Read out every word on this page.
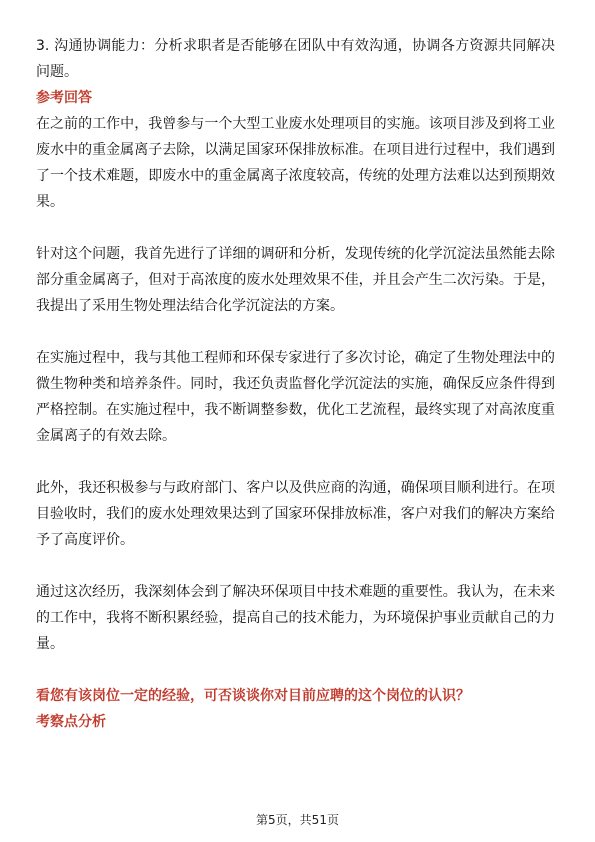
3. 沟通协调能力：分析求职者是否能够在团队中有效沟通，协调各方资源共同解决问题。

参考回答

在之前的工作中，我曾参与一个大型工业废水处理项目的实施。该项目涉及到将工业废水中的重金属离子去除，以满足国家环保排放标准。在项目进行过程中，我们遇到了一个技术难题，即废水中的重金属离子浓度较高，传统的处理方法难以达到预期效果。

针对这个问题，我首先进行了详细的调研和分析，发现传统的化学沉淀法虽然能去除部分重金属离子，但对于高浓度的废水处理效果不佳，并且会产生二次污染。于是，我提出了采用生物处理法结合化学沉淀法的方案。

在实施过程中，我与其他工程师和环保专家进行了多次讨论，确定了生物处理法中的微生物种类和培养条件。同时，我还负责监督化学沉淀法的实施，确保反应条件得到严格控制。在实施过程中，我不断调整参数，优化工艺流程，最终实现了对高浓度重金属离子的有效去除。

此外，我还积极参与与政府部门、客户以及供应商的沟通，确保项目顺利进行。在项目验收时，我们的废水处理效果达到了国家环保排放标准，客户对我们的解决方案给予了高度评价。

通过这次经历，我深刻体会到了解决环保项目中技术难题的重要性。我认为，在未来的工作中，我将不断积累经验，提高自己的技术能力，为环境保护事业贡献自己的力量。

看您有该岗位一定的经验，可否谈谈你对目前应聘的这个岗位的认识？

考察点分析

第5页，共51页
